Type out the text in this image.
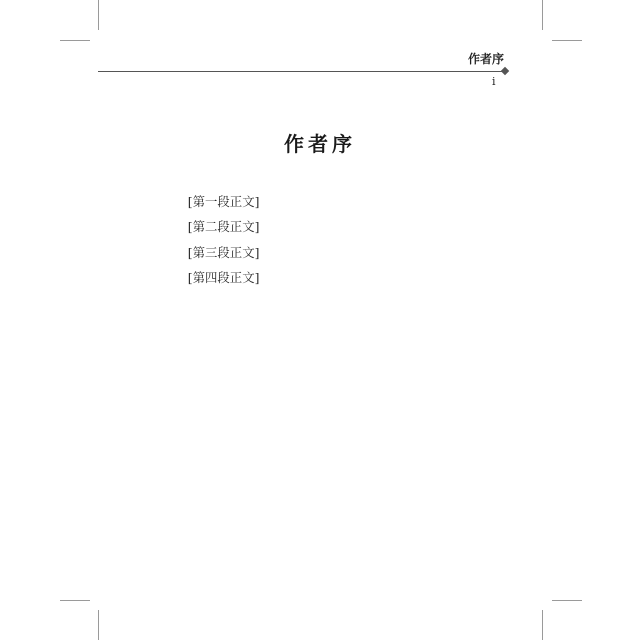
作者序
i
作者序

[第一段正文]

[第二段正文]

[第三段正文]

[第四段正文]
